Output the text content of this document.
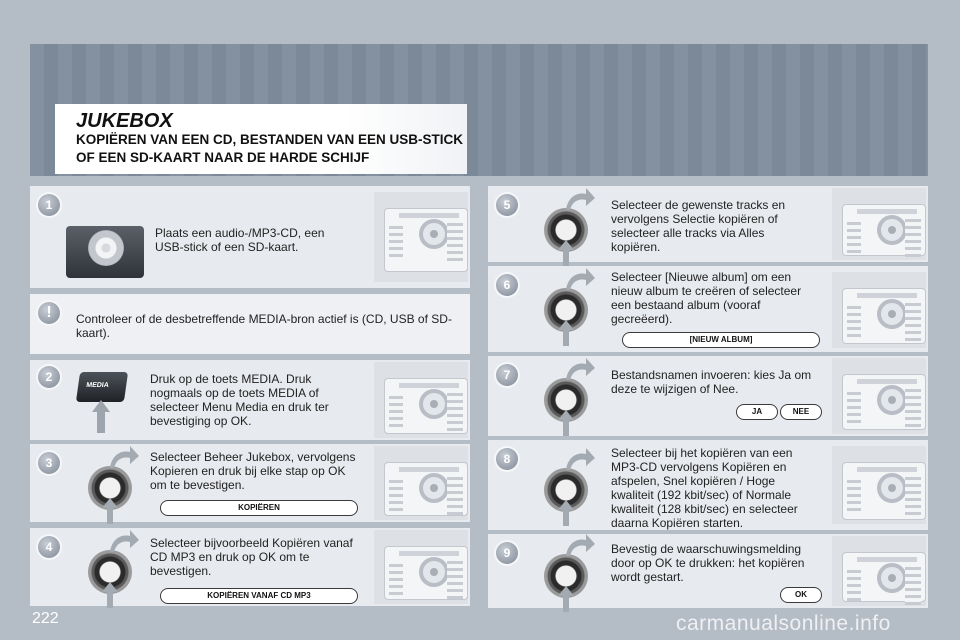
JUKEBOX
KOPIËREN VAN EEN CD, BESTANDEN VAN EEN USB-STICK OF EEN SD-KAART NAAR DE HARDE SCHIJF
1
Plaats een audio-/MP3-CD, een USB-stick of een SD-kaart.
!	Controleer of de desbetreffende MEDIA-bron actief is (CD, USB of SD-kaart).
2
MEDIA	Druk op de toets MEDIA. Druk nogmaals op de toets MEDIA of selecteer Menu Media en druk ter bevestiging op OK.
3	Selecteer Beheer Jukebox, vervolgens Kopieren en druk bij elke stap op OK om te bevestigen.
KOPIËREN
4	Selecteer bijvoorbeeld Kopiëren vanaf CD MP3 en druk op OK om te bevestigen.
KOPIËREN VANAF CD MP3
5	Selecteer de gewenste tracks en vervolgens Selectie kopiëren of selecteer alle tracks via Alles kopiëren.
6
Selecteer [Nieuwe album] om een nieuw album te creëren of selecteer een bestaand album (vooraf gecreëerd).
[NIEUW ALBUM]
7	Bestandsnamen invoeren: kies Ja om deze te wijzigen of Nee.
JA	NEE
8	Selecteer bij het kopiëren van een MP3-CD vervolgens Kopiëren en afspelen, Snel kopiëren / Hoge kwaliteit (192 kbit/sec) of Normale kwaliteit (128 kbit/sec) en selecteer daarna Kopiëren starten.
9	Bevestig de waarschuwingsmelding door op OK te drukken: het kopiëren wordt gestart.
OK
222	carmanualsonline.info
